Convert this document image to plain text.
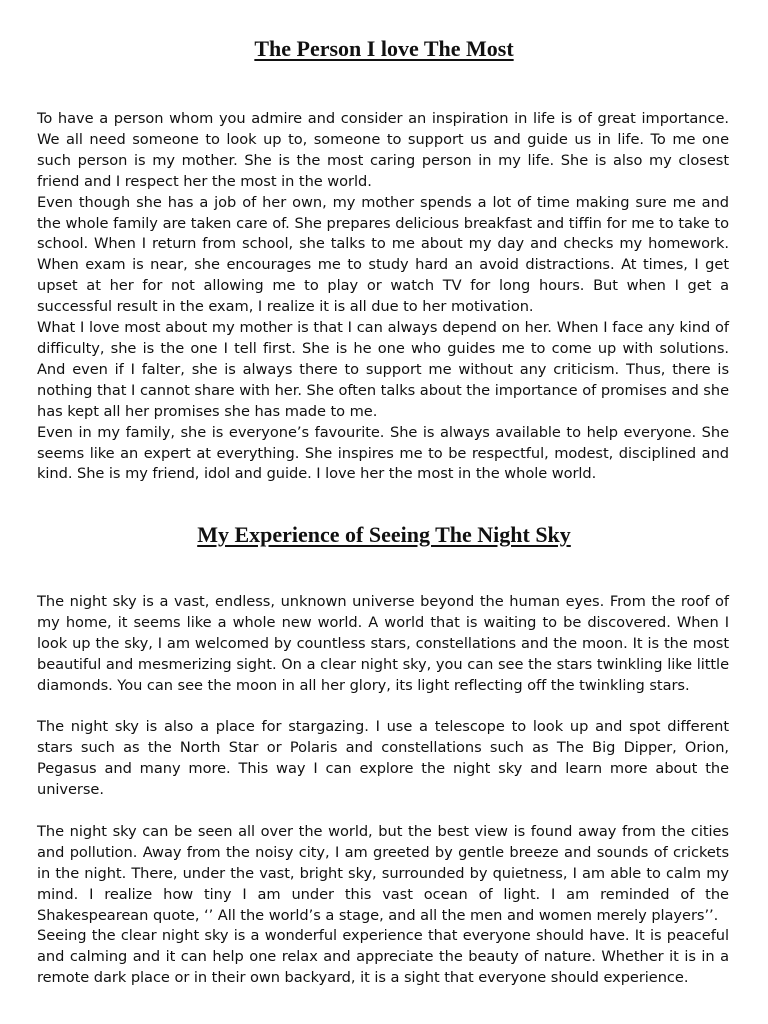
The Person I love The Most

To have a person whom you admire and consider an inspiration in life is of great importance. We all need someone to look up to, someone to support us and guide us in life. To me one such person is my mother. She is the most caring person in my life. She is also my closest friend and I respect her the most in the world.

Even though she has a job of her own, my mother spends a lot of time making sure me and the whole family are taken care of. She prepares delicious breakfast and tiffin for me to take to school. When I return from school, she talks to me about my day and checks my homework. When exam is near, she encourages me to study hard an avoid distractions. At times, I get upset at her for not allowing me to play or watch TV for long hours. But when I get a successful result in the exam, I realize it is all due to her motivation.

What I love most about my mother is that I can always depend on her. When I face any kind of difficulty, she is the one I tell first. She is he one who guides me to come up with solutions. And even if I falter, she is always there to support me without any criticism. Thus, there is nothing that I cannot share with her. She often talks about the importance of promises and she has kept all her promises she has made to me.

Even in my family, she is everyone’s favourite. She is always available to help everyone. She seems like an expert at everything. She inspires me to be respectful, modest, disciplined and kind. She is my friend, idol and guide. I love her the most in the whole world.

My Experience of Seeing The Night Sky

The night sky is a vast, endless, unknown universe beyond the human eyes. From the roof of my home, it seems like a whole new world. A world that is waiting to be discovered. When I look up the sky, I am welcomed by countless stars, constellations and the moon. It is the most beautiful and mesmerizing sight. On a clear night sky, you can see the stars twinkling like little diamonds. You can see the moon in all her glory, its light reflecting off the twinkling stars.

The night sky is also a place for stargazing. I use a telescope to look up and spot different stars such as the North Star or Polaris and constellations such as The Big Dipper, Orion, Pegasus and many more. This way I can explore the night sky and learn more about the universe.

The night sky can be seen all over the world, but the best view is found away from the cities and pollution. Away from the noisy city, I am greeted by gentle breeze and sounds of crickets in the night. There, under the vast, bright sky, surrounded by quietness, I am able to calm my mind. I realize how tiny I am under this vast ocean of light. I am reminded of the Shakespearean quote, ‘’ All the world’s a stage, and all the men and women merely players’’.

Seeing the clear night sky is a wonderful experience that everyone should have. It is peaceful and calming and it can help one relax and appreciate the beauty of nature. Whether it is in a remote dark place or in their own backyard, it is a sight that everyone should experience.
